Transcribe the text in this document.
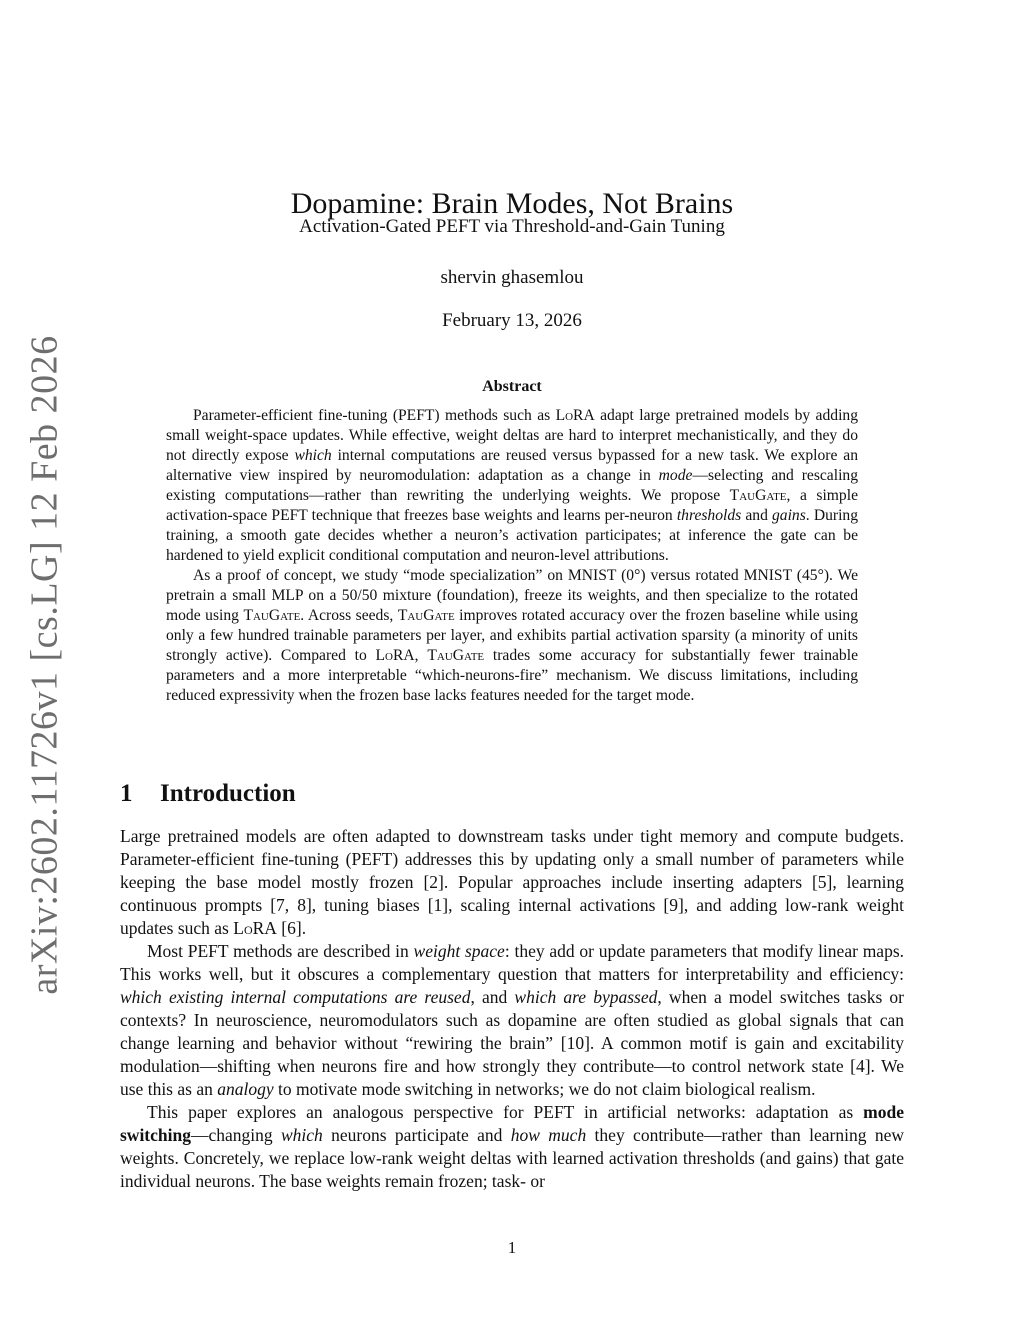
arXiv:2602.11726v1 [cs.LG] 12 Feb 2026
Dopamine: Brain Modes, Not Brains
Activation-Gated PEFT via Threshold-and-Gain Tuning
shervin ghasemlou
February 13, 2026
Abstract

Parameter-efficient fine-tuning (PEFT) methods such as LoRA adapt large pretrained models by adding small weight-space updates. While effective, weight deltas are hard to interpret mechanistically, and they do not directly expose which internal computations are reused versus bypassed for a new task. We explore an alternative view inspired by neuromodulation: adaptation as a change in mode—selecting and rescaling existing computations—rather than rewriting the underlying weights. We propose TauGate, a simple activation-space PEFT technique that freezes base weights and learns per-neuron thresholds and gains. During training, a smooth gate decides whether a neuron’s activation participates; at inference the gate can be hardened to yield explicit conditional computation and neuron-level attributions.

As a proof of concept, we study “mode specialization” on MNIST (0°) versus rotated MNIST (45°). We pretrain a small MLP on a 50/50 mixture (foundation), freeze its weights, and then specialize to the rotated mode using TauGate. Across seeds, TauGate improves rotated accuracy over the frozen baseline while using only a few hundred trainable parameters per layer, and exhibits partial activation sparsity (a minority of units strongly active). Compared to LoRA, TauGate trades some accuracy for substantially fewer trainable parameters and a more interpretable “which-neurons-fire” mechanism. We discuss limitations, including reduced expressivity when the frozen base lacks features needed for the target mode.

1 Introduction

Large pretrained models are often adapted to downstream tasks under tight memory and compute budgets. Parameter-efficient fine-tuning (PEFT) addresses this by updating only a small number of parameters while keeping the base model mostly frozen [2]. Popular approaches include inserting adapters [5], learning continuous prompts [7, 8], tuning biases [1], scaling internal activations [9], and adding low-rank weight updates such as LoRA [6].

Most PEFT methods are described in weight space: they add or update parameters that modify linear maps. This works well, but it obscures a complementary question that matters for interpretability and efficiency: which existing internal computations are reused, and which are bypassed, when a model switches tasks or contexts? In neuroscience, neuromodulators such as dopamine are often studied as global signals that can change learning and behavior without “rewiring the brain” [10]. A common motif is gain and excitability modulation—shifting when neurons fire and how strongly they contribute—to control network state [4]. We use this as an analogy to motivate mode switching in networks; we do not claim biological realism.

This paper explores an analogous perspective for PEFT in artificial networks: adaptation as mode switching—changing which neurons participate and how much they contribute—rather than learning new weights. Concretely, we replace low-rank weight deltas with learned activation thresholds (and gains) that gate individual neurons. The base weights remain frozen; task- or

1
